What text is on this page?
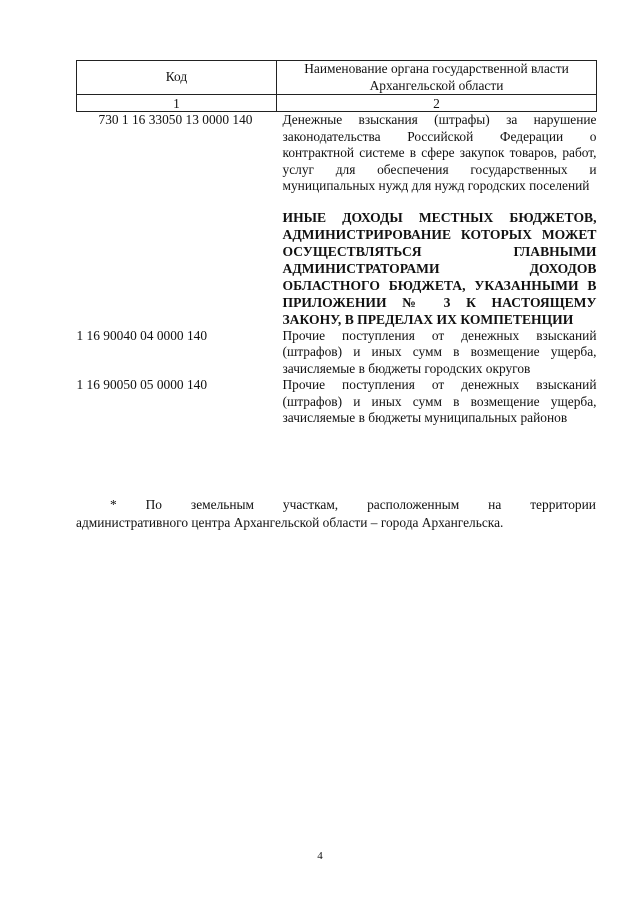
Код	Наименование органа государственной власти Архангельской области
1	2
730 1 16 33050 13 0000 140	Денежные взыскания (штрафы) за нарушение законодательства Российской Федерации о контрактной системе в сфере закупок товаров, работ, услуг для обеспечения государственных и муниципальных нужд для нужд городских поселений
	ИНЫЕ ДОХОДЫ МЕСТНЫХ БЮДЖЕТОВ, АДМИНИСТРИРОВАНИЕ КОТОРЫХ МОЖЕТ ОСУЩЕСТВЛЯТЬСЯ ГЛАВНЫМИ АДМИНИСТРАТОРАМИ ДОХОДОВ ОБЛАСТНОГО БЮДЖЕТА, УКАЗАННЫМИ В ПРИЛОЖЕНИИ № 3 К НАСТОЯЩЕМУ ЗАКОНУ, В ПРЕДЕЛАХ ИХ КОМПЕТЕНЦИИ
1 16 90040 04 0000 140	Прочие поступления от денежных взысканий (штрафов) и иных сумм в возмещение ущерба, зачисляемые в бюджеты городских округов
1 16 90050 05 0000 140	Прочие поступления от денежных взысканий (штрафов) и иных сумм в возмещение ущерба, зачисляемые в бюджеты муниципальных районов
* По земельным участкам, расположенным на территории
административного центра Архангельской области – города Архангельска.
4
